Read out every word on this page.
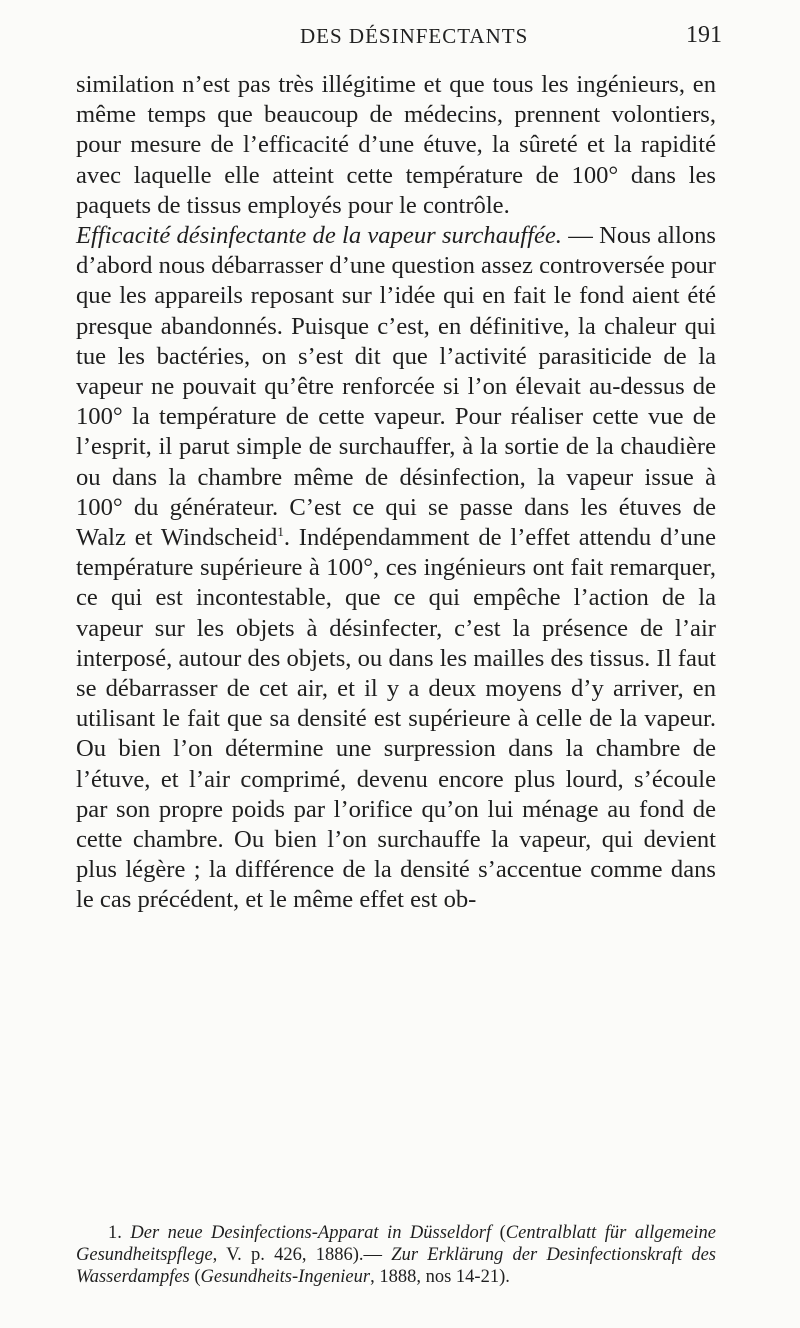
DES DÉSINFECTANTS	191

similation n’est pas très illégitime et que tous les ingénieurs, en même temps que beaucoup de médecins, prennent volontiers, pour mesure de l’efficacité d’une étuve, la sûreté et la rapidité avec laquelle elle atteint cette température de 100° dans les paquets de tissus employés pour le contrôle.

Efficacité désinfectante de la vapeur surchauffée. — Nous allons d’abord nous débarrasser d’une question assez controversée pour que les appareils reposant sur l’idée qui en fait le fond aient été presque abandonnés. Puisque c’est, en définitive, la chaleur qui tue les bactéries, on s’est dit que l’activité parasiticide de la vapeur ne pouvait qu’être renforcée si l’on élevait au-dessus de 100° la température de cette vapeur. Pour réaliser cette vue de l’esprit, il parut simple de surchauffer, à la sortie de la chaudière ou dans la chambre même de désinfection, la vapeur issue à 100° du générateur. C’est ce qui se passe dans les étuves de Walz et Windscheid$^1$. Indépendamment de l’effet attendu d’une température supérieure à 100°, ces ingénieurs ont fait remarquer, ce qui est incontestable, que ce qui empêche l’action de la vapeur sur les objets à désinfecter, c’est la présence de l’air interposé, autour des objets, ou dans les mailles des tissus. Il faut se débarrasser de cet air, et il y a deux moyens d’y arriver, en utilisant le fait que sa densité est supérieure à celle de la vapeur. Ou bien l’on détermine une surpression dans la chambre de l’étuve, et l’air comprimé, devenu encore plus lourd, s’écoule par son propre poids par l’orifice qu’on lui ménage au fond de cette chambre. Ou bien l’on surchauffe la vapeur, qui devient plus légère ; la différence de la densité s’accentue comme dans le cas précédent, et le même effet est ob-

1. Der neue Desinfections-Apparat in Düsseldorf (Centralblatt für allgemeine Gesundheitspflege, V. p. 426, 1886).— Zur Erklärung der Desinfectionskraft des Wasserdampfes (Gesundheits-Ingenieur, 1888, nos 14-21).
